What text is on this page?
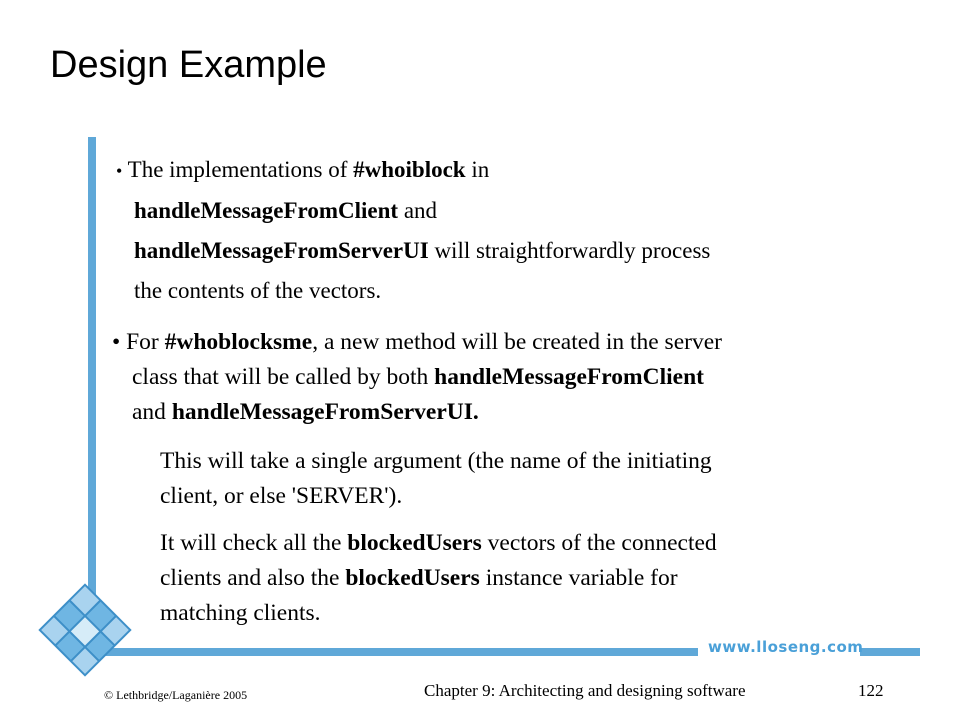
Design Example
www.lloseng.com

• The implementations of #whoiblock in
handleMessageFromClient and
handleMessageFromServerUI will straightforwardly process
the contents of the vectors.

• For #whoblocksme, a new method will be created in the server
class that will be called by both handleMessageFromClient
and handleMessageFromServerUI.

This will take a single argument (the name of the initiating
client, or else 'SERVER').

It will check all the blockedUsers vectors of the connected
clients and also the blockedUsers instance variable for
matching clients.

© Lethbridge/Laganière 2005	Chapter 9: Architecting and designing software	122
